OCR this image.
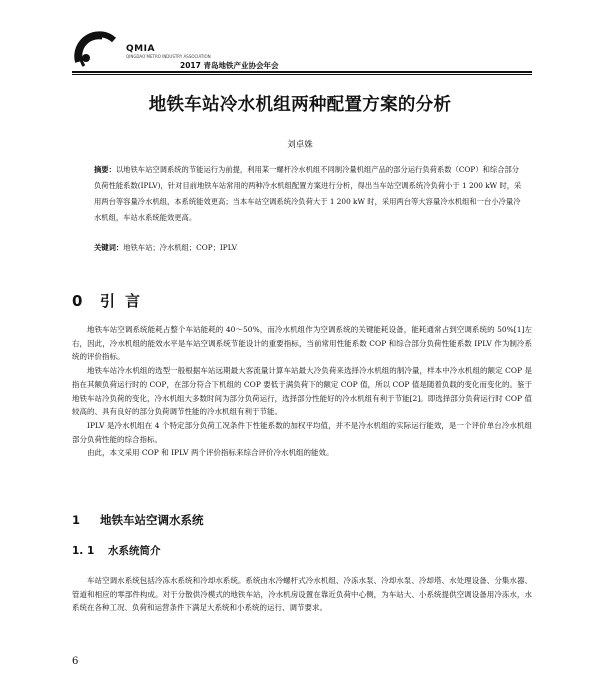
QMIA
QINGDAO METRO INDUSTRY ASSOCIATION
2017 青岛地铁产业协会年会
地铁车站冷水机组两种配置方案的分析
刘卓姝
摘要：以地铁车站空调系统的节能运行为前提，利用某一螺杆冷水机组不同制冷量机组产品的部分运行负荷系数（COP）和综合部分负荷性能系数(IPLV)，针对目前地铁车站常用的两种冷水机组配置方案进行分析，得出当车站空调系统冷负荷小于 1 200 kW 时，采用两台等容量冷水机组，本系统能效更高；当本车站空调系统冷负荷大于 1 200 kW 时，采用两台等大容量冷水机组和一台小冷量冷水机组，车站水系统能效更高。
关键词：地铁车站；冷水机组；COP；IPLV
0 引言

地铁车站空调系统能耗占整个车站能耗的 40～50%，而冷水机组作为空调系统的关键能耗设备，能耗通常占到空调系统的 50%[1]左右，因此，冷水机组的能效水平是车站空调系统节能设计的重要指标，当前常用性能系数 COP 和综合部分负荷性能系数 IPLV 作为制冷系统的评价指标。

地铁车站冷水机组的选型一般根据车站远期最大客流量计算车站最大冷负荷来选择冷水机组的制冷量，样本中冷水机组的额定 COP 是指在其额负荷运行时的 COP，在部分符合下机组的 COP 要低于满负荷下的额定 COP 值，所以 COP 值是随着负载的变化而变化的。鉴于地铁车站冷负荷的变化，冷水机组大多数时间为部分负荷运行，选择部分性能好的冷水机组有利于节能[2]。即选择部分负荷运行时 COP 值较高的、具有良好的部分负荷调节性能的冷水机组有利于节能。

IPLV 是冷水机组在 4 个特定部分负荷工况条件下性能系数的加权平均值，并不是冷水机组的实际运行能效，是一个评价单台冷水机组部分负荷性能的综合指标。

由此，本文采用 COP 和 IPLV 两个评价指标来综合评价冷水机组的能效。

1 地铁车站空调水系统
1. 1 水系统简介

车站空调水系统包括冷冻水系统和冷却水系统。系统由水冷螺杆式冷水机组、冷冻水泵、冷却水泵、冷却塔、水处理设备、分集水器、管道和相应的零部件构成。对于分散供冷模式的地铁车站，冷水机房设置在靠近负荷中心侧，为车站大、小系统提供空调设备用冷冻水，水系统在各种工况、负荷和运营条件下满足大系统和小系统的运行、调节要求。

6
